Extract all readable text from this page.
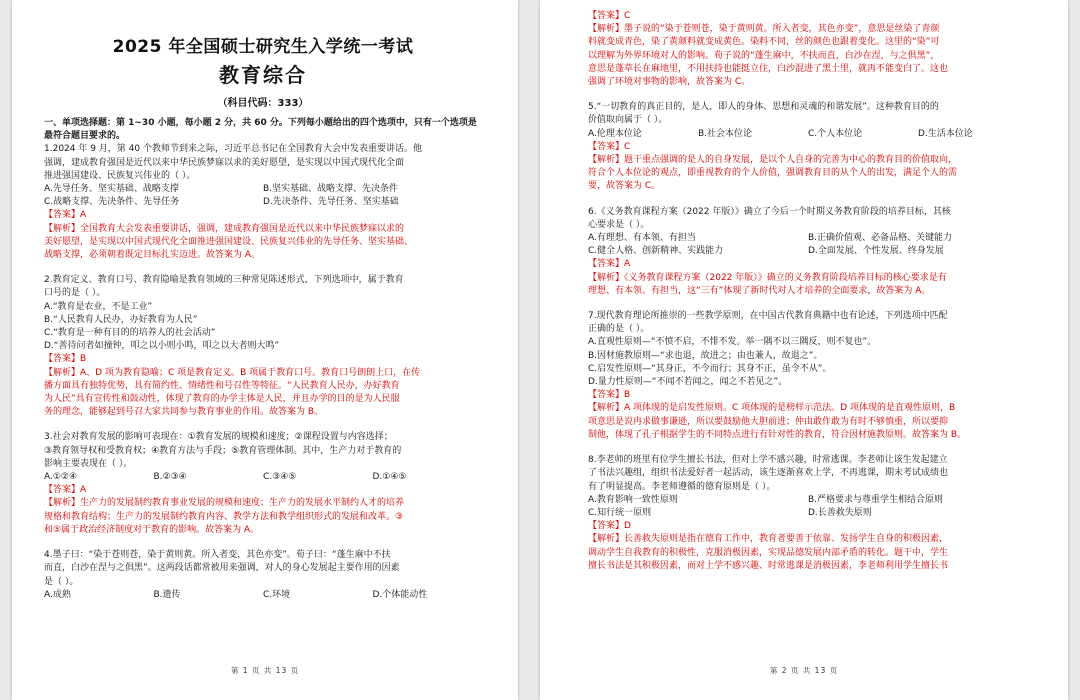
2025 年全国硕士研究生入学统一考试
教育综合
（科目代码：333）
一、单项选择题：第 1~30 小题，每小题 2 分，共 60 分。下列每小题给出的四个选项中，只有一个选项是
最符合题目要求的。
1.2024 年 9 月，第 40 个教师节到来之际，习近平总书记在全国教育大会中发表重要讲话。他
强调，建成教育强国是近代以来中华民族梦寐以求的美好愿望，是实现以中国式现代化全面
推进强国建设、民族复兴伟业的（ ）。
A.先导任务、坚实基础、战略支撑	B.坚实基础、战略支撑、先决条件
C.战略支撑、先决条件、先导任务	D.先决条件、先导任务、坚实基础
【答案】A
【解析】全国教育大会发表重要讲话，强调，建成教育强国是近代以来中华民族梦寐以求的
美好愿望，是实现以中国式现代化全面推进强国建设、民族复兴伟业的先导任务、坚实基础、
战略支撑，必须朝着既定目标扎实迈进。故答案为 A。
2.教育定义、教育口号、教育隐喻是教育领域的三种常见陈述形式，下列选项中，属于教育
口号的是（ ）。
A.“教育是农业，不是工业”
B.“人民教育人民办，办好教育为人民”
C.“教育是一种有目的的培养人的社会活动”
D.“善待问者如撞钟，叩之以小则小鸣，叩之以大者则大鸣”
【答案】B
【解析】A、D 项为教育隐喻；C 项是教育定义。B 项属于教育口号。教育口号朗朗上口，在传
播方面具有独特优势，具有简约性、情绪性和号召性等特征。“人民教育人民办，办好教育
为人民”具有宣传性和鼓动性，体现了教育的办学主体是人民，并且办学的目的是为人民服
务的理念，能够起到号召大家共同参与教育事业的作用。故答案为 B。
3.社会对教育发展的影响可表现在：①教育发展的规模和速度；②课程设置与内容选择；
③教育领导权和受教育权；④教育方法与手段；⑤教育管理体制。其中，生产力对于教育的
影响主要表现在（ ）。
A.①②④	B.②③④	C.③④⑤	D.①④⑤
【答案】A
【解析】生产力的发展制约教育事业发展的规模和速度；生产力的发展水平制约人才的培养
规格和教育结构；生产力的发展制约教育内容、教学方法和教学组织形式的发展和改革。③
和⑤属于政治经济制度对于教育的影响。故答案为 A。
4.墨子曰：“染于苍则苍，染于黄则黄。所入者变，其色亦变”。荀子曰：“蓬生麻中不扶
而直，白沙在涅与之俱黑”。这两段话都常被用来强调，对人的身心发展起主要作用的因素
是（ ）。
A.成熟	B.遗传	C.环境	D.个体能动性
第 1 页 共 13 页
【答案】C
【解析】墨子说的“染于苍则苍，染于黄则黄。所入者变，其色亦变”，意思是丝染了青颜
料就变成青色，染了黄颜料就变成黄色。染料不同，丝的颜色也跟着变化。这里的“染”可
以理解为外界环境对人的影响。荀子说的“蓬生麻中，不扶而直，白沙在涅，与之俱黑”，
意思是蓬草长在麻地里，不用扶持也能挺立住，白沙混进了黑土里，就再不能变白了。这也
强调了环境对事物的影响，故答案为 C。
5.“一切教育的真正目的，是人，即人的身体、思想和灵魂的和谐发展”。这种教育目的的
价值取向属于（ ）。
A.伦理本位论	B.社会本位论	C.个人本位论	D.生活本位论
【答案】C
【解析】题干重点强调的是人的自身发展，是以个人自身的完善为中心的教育目的价值取向，
符合个人本位论的观点，即重视教育的个人价值，强调教育目的从个人的出发，满足个人的需
要，故答案为 C。
6.《义务教育课程方案（2022 年版）》确立了今后一个时期义务教育阶段的培养目标，其核
心要求是（ ）。
A.有理想、有本领、有担当	B.正确价值观、必备品格、关键能力
C.健全人格、创新精神、实践能力	D.全面发展、个性发展、终身发展
【答案】A
【解析】《义务教育课程方案（2022 年版）》确立的义务教育阶段培养目标的核心要求是有
理想、有本领、有担当，这“三有”体现了新时代对人才培养的全面要求，故答案为 A。
7.现代教育理论所推崇的一些教学原则，在中国古代教育典籍中也有论述，下列选项中匹配
正确的是（ ）。
A.直观性原则—“不愤不启，不悱不发。举一隅不以三隅反，则不复也”。
B.因材施教原则—“求也退，故进之；由也兼人，故退之”。
C.启发性原则—“其身正，不令而行；其身不正，虽令不从”。
D.量力性原则—“不闻不若闻之，闻之不若见之”。
【答案】B
【解析】A 项体现的是启发性原则。C 项体现的是榜样示范法。D 项体现的是直观性原则，B
项意思是说冉求做事谦逊，所以要鼓励他大胆前进；仲由敢作敢为有时不够慎重，所以要抑
制他，体现了孔子根据学生的不同特点进行有针对性的教育，符合因材施教原则。故答案为 B。
8.李老师的班里有位学生擅长书法，但对上学不感兴趣，时常逃课。李老师让该生发起建立
了书法兴趣组，组织书法爱好者一起活动，该生逐渐喜欢上学，不再逃课，期末考试成绩也
有了明显提高。李老师遵循的德育原则是（ ）。
A.教育影响一致性原则	B.严格要求与尊重学生相结合原则
C.知行统一原则	D.长善救失原则
【答案】D
【解析】长善救失原则是指在德育工作中，教育者要善于依靠、发扬学生自身的积极因素，
调动学生自我教育的积极性，克服消极因素，实现品德发展内部矛盾的转化。题干中，学生
擅长书法是其积极因素，而对上学不感兴趣、时常逃课是消极因素，李老师利用学生擅长书
第 2 页 共 13 页
